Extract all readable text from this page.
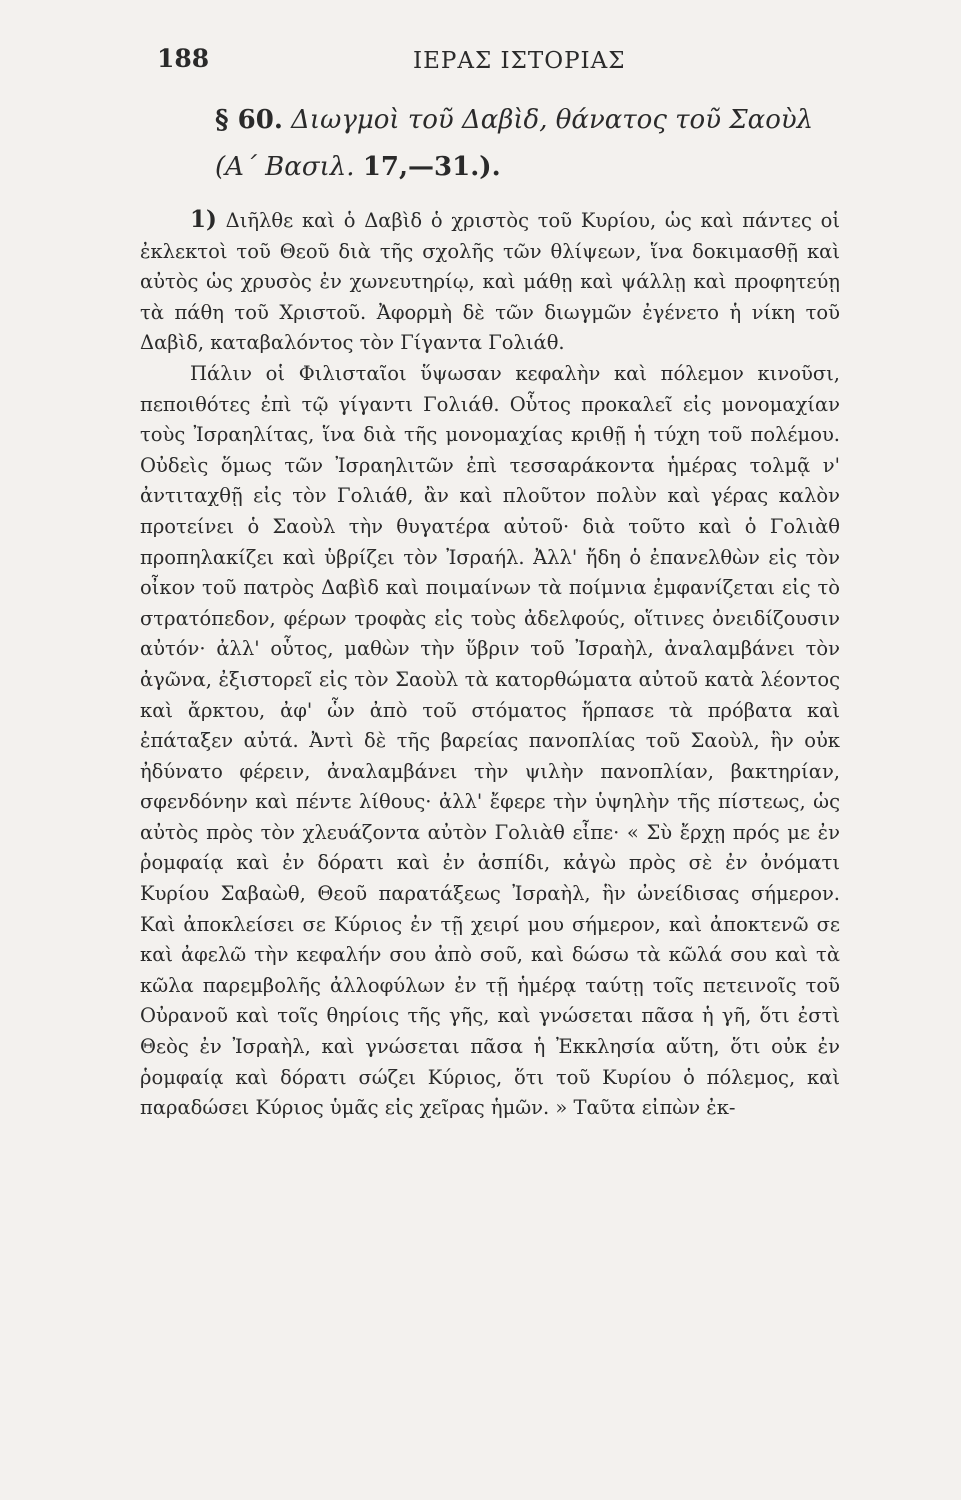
188	ΙΕΡΑΣ ΙΣΤΟΡΙΑΣ
§ 60. Διωγμοὶ τοῦ Δαβὶδ, θάνατος τοῦ Σαοὺλ (Α΄ Βασιλ. 17,—31.).

1) Διῆλθε καὶ ὁ Δαβὶδ ὁ χριστὸς τοῦ Κυρίου, ὡς καὶ πάντες οἱ ἐκλεκτοὶ τοῦ Θεοῦ διὰ τῆς σχολῆς τῶν θλίψεων, ἵνα δοκιμασθῇ καὶ αὐτὸς ὡς χρυσὸς ἐν χωνευτηρίῳ, καὶ μάθῃ καὶ ψάλλῃ καὶ προφητεύῃ τὰ πάθη τοῦ Χριστοῦ. Ἀφορμὴ δὲ τῶν διωγμῶν ἐγένετο ἡ νίκη τοῦ Δαβὶδ, καταβαλόντος τὸν Γίγαντα Γολιάθ.

Πάλιν οἱ Φιλισταῖοι ὕψωσαν κεφαλὴν καὶ πόλεμον κινοῦσι, πεποιθότες ἐπὶ τῷ γίγαντι Γολιάθ. Οὗτος προκαλεῖ εἰς μονομαχίαν τοὺς Ἰσραηλίτας, ἵνα διὰ τῆς μονομαχίας κριθῇ ἡ τύχη τοῦ πολέμου. Οὐδεὶς ὅμως τῶν Ἰσραηλιτῶν ἐπὶ τεσσαράκοντα ἡμέρας τολμᾷ ν' ἀντιταχθῇ εἰς τὸν Γολιάθ, ἂν καὶ πλοῦτον πολὺν καὶ γέρας καλὸν προτείνει ὁ Σαοὺλ τὴν θυγατέρα αὐτοῦ· διὰ τοῦτο καὶ ὁ Γολιὰθ προπηλακίζει καὶ ὑβρίζει τὸν Ἰσραήλ. Ἀλλ' ἤδη ὁ ἐπανελθὼν εἰς τὸν οἶκον τοῦ πατρὸς Δαβὶδ καὶ ποιμαίνων τὰ ποίμνια ἐμφανίζεται εἰς τὸ στρατόπεδον, φέρων τροφὰς εἰς τοὺς ἀδελφούς, οἵτινες ὀνειδίζουσιν αὐτόν· ἀλλ' οὗτος, μαθὼν τὴν ὕβριν τοῦ Ἰσραὴλ, ἀναλαμβάνει τὸν ἀγῶνα, ἐξιστορεῖ εἰς τὸν Σαοὺλ τὰ κατορθώματα αὐτοῦ κατὰ λέοντος καὶ ἄρκτου, ἀφ' ὧν ἀπὸ τοῦ στόματος ἥρπασε τὰ πρόβατα καὶ ἐπάταξεν αὐτά. Ἀντὶ δὲ τῆς βαρείας πανοπλίας τοῦ Σαοὺλ, ἣν οὐκ ἠδύνατο φέρειν, ἀναλαμβάνει τὴν ψιλὴν πανοπλίαν, βακτηρίαν, σφενδόνην καὶ πέντε λίθους· ἀλλ' ἔφερε τὴν ὑψηλὴν τῆς πίστεως, ὡς αὐτὸς πρὸς τὸν χλευάζοντα αὐτὸν Γολιὰθ εἶπε· « Σὺ ἔρχῃ πρός με ἐν ῥομφαίᾳ καὶ ἐν δόρατι καὶ ἐν ἀσπίδι, κἀγὼ πρὸς σὲ ἐν ὀνόματι Κυρίου Σαβαὼθ, Θεοῦ παρατάξεως Ἰσραὴλ, ἣν ὠνείδισας σήμερον. Καὶ ἀποκλείσει σε Κύριος ἐν τῇ χειρί μου σήμερον, καὶ ἀποκτενῶ σε καὶ ἀφελῶ τὴν κεφαλήν σου ἀπὸ σοῦ, καὶ δώσω τὰ κῶλά σου καὶ τὰ κῶλα παρεμβολῆς ἀλλοφύλων ἐν τῇ ἡμέρᾳ ταύτῃ τοῖς πετεινοῖς τοῦ Οὐρανοῦ καὶ τοῖς θηρίοις τῆς γῆς, καὶ γνώσεται πᾶσα ἡ γῆ, ὅτι ἐστὶ Θεὸς ἐν Ἰσραὴλ, καὶ γνώσεται πᾶσα ἡ Ἐκκλησία αὕτη, ὅτι οὐκ ἐν ῥομφαίᾳ καὶ δόρατι σώζει Κύριος, ὅτι τοῦ Κυρίου ὁ πόλεμος, καὶ παραδώσει Κύριος ὑμᾶς εἰς χεῖρας ἡμῶν. » Ταῦτα εἰπὼν ἐκ-
